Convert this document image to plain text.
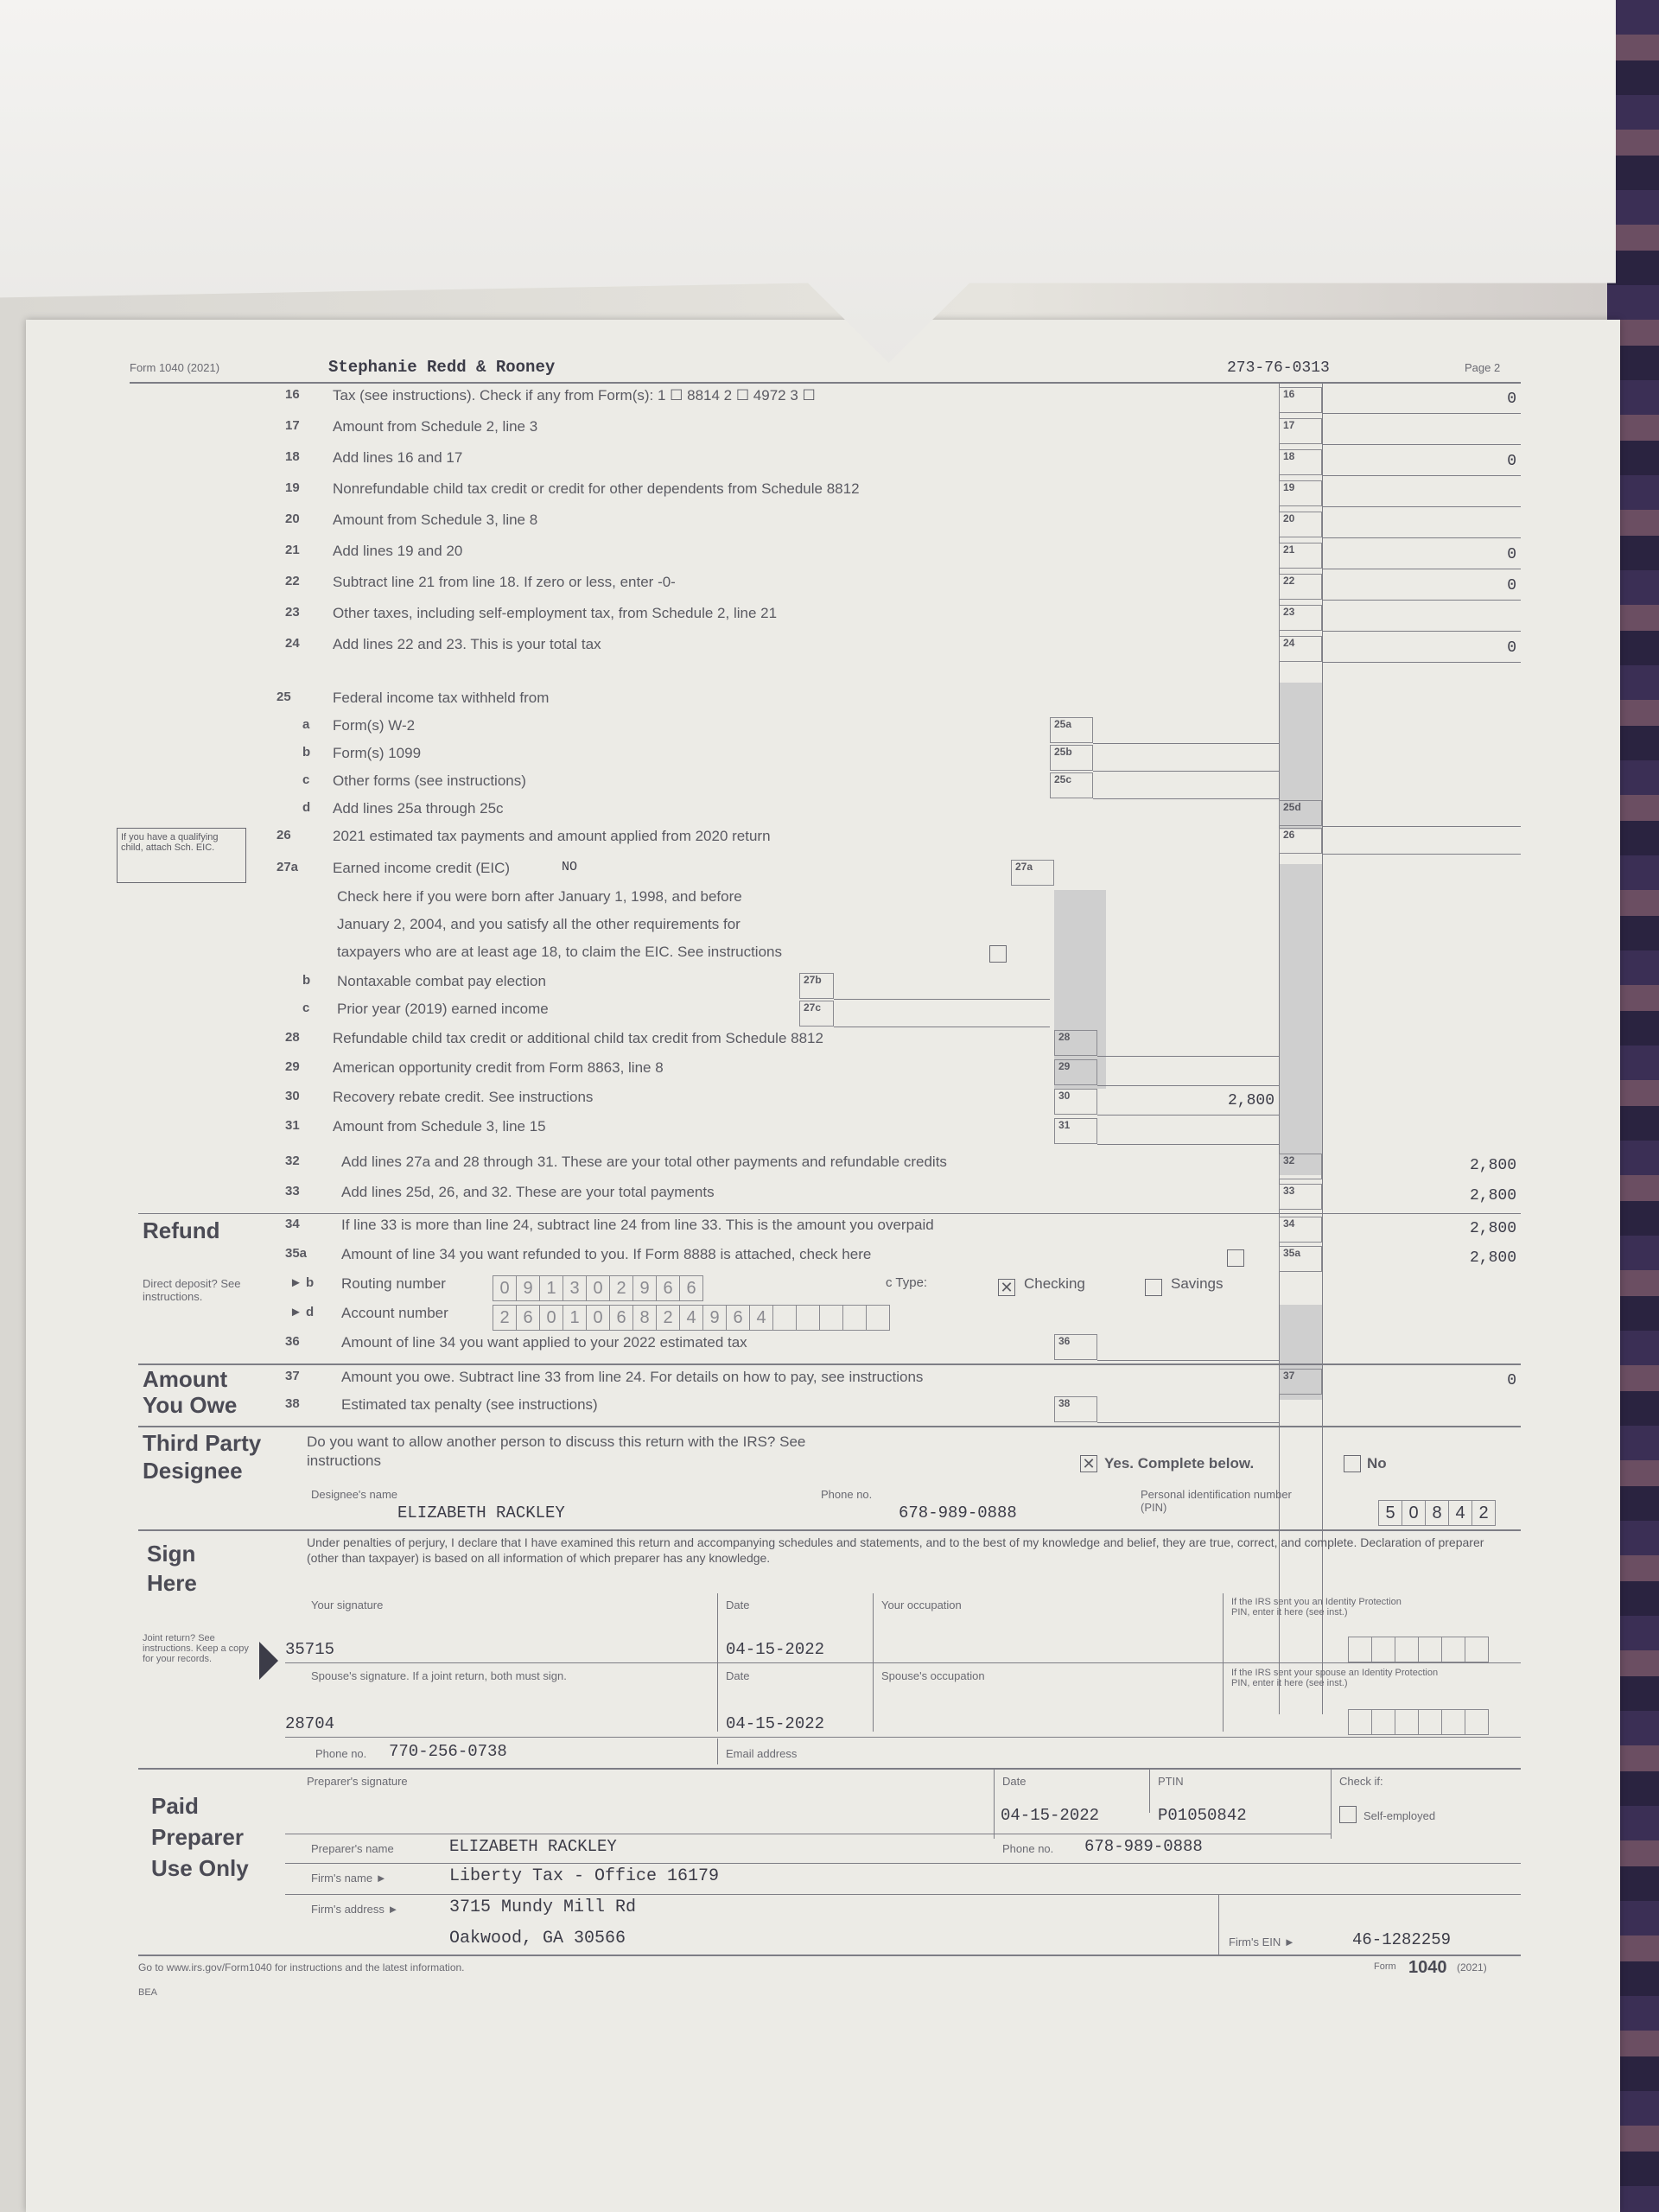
Form 1040 (2021)	Stephanie Redd & Rooney	273-76-0313	Page 2
16	Tax (see instructions). Check if any from Form(s): 1 ☐ 8814 2 ☐ 4972 3 ☐	16	0
17	Amount from Schedule 2, line 3	17
18	Add lines 16 and 17	18	0
19	Nonrefundable child tax credit or credit for other dependents from Schedule 8812	19
20	Amount from Schedule 3, line 8	20
21	Add lines 19 and 20	21	0
22	Subtract line 21 from line 18. If zero or less, enter -0-	22	0
23	Other taxes, including self-employment tax, from Schedule 2, line 21	23
24	Add lines 22 and 23. This is your total tax	24	0
25	Federal income tax withheld from
a	Form(s) W-2	25a
b	Form(s) 1099	25b
c	Other forms (see instructions)	25c
d	Add lines 25a through 25c	25d
If you have a qualifying child, attach Sch. EIC.
26	2021 estimated tax payments and amount applied from 2020 return	26
27a	Earned income credit (EIC)	NO	27a
Check here if you were born after January 1, 1998, and before
January 2, 2004, and you satisfy all the other requirements for
taxpayers who are at least age 18, to claim the EIC. See instructions
b	Nontaxable combat pay election	27b
c	Prior year (2019) earned income	27c
28	Refundable child tax credit or additional child tax credit from Schedule 8812	28
29	American opportunity credit from Form 8863, line 8	29
30	Recovery rebate credit. See instructions	30	2,800
31	Amount from Schedule 3, line 15	31
32	Add lines 27a and 28 through 31. These are your total other payments and refundable credits	32	2,800
33	Add lines 25d, 26, and 32. These are your total payments	33	2,800
Refund
Direct deposit? See instructions.
34	If line 33 is more than line 24, subtract line 24 from line 33. This is the amount you overpaid	34	2,800
35a	Amount of line 34 you want refunded to you. If Form 8888 is attached, check here	35a	2,800
► b	Routing number	0 9 1 3 0 2 9 6 6	c Type:	✕ Checking	Savings
► d	Account number	2 6 0 1 0 6 8 2 4 9 6 4
36	Amount of line 34 you want applied to your 2022 estimated tax	36
Amount
You Owe
37	Amount you owe. Subtract line 33 from line 24. For details on how to pay, see instructions	37	0
38	Estimated tax penalty (see instructions)	38
Third Party
Designee
Do you want to allow another person to discuss this return with the IRS? See instructions	✕ Yes. Complete below.	No
Designee's name
ELIZABETH RACKLEY
Phone no.
678-989-0888
Personal identification number (PIN)	5 0 8 4 2
Sign
Here
Under penalties of perjury, I declare that I have examined this return and accompanying schedules and statements, and to the best of my knowledge and belief, they are true, correct, and complete. Declaration of preparer (other than taxpayer) is based on all information of which preparer has any knowledge.
Joint return? See instructions. Keep a copy for your records.
Your signature
35715
Date
04-15-2022
Your occupation	If the IRS sent you an Identity Protection PIN, enter it here (see inst.)
Spouse's signature. If a joint return, both must sign.
28704
Date
04-15-2022
Spouse's occupation	If the IRS sent your spouse an Identity Protection PIN, enter it here (see inst.)
Phone no. 770-256-0738	Email address
Paid
Preparer
Use Only
Preparer's signature	Date
04-15-2022
PTIN
P01050842
Check if:
Self-employed
Preparer's name	ELIZABETH RACKLEY	Phone no. 678-989-0888
Firm's name ►	Liberty Tax - Office 16179
Firm's address ►	3715 Mundy Mill Rd
Oakwood, GA 30566	Firm's EIN ►	46-1282259
Go to www.irs.gov/Form1040 for instructions and the latest information.	Form 1040 (2021)
BEA
